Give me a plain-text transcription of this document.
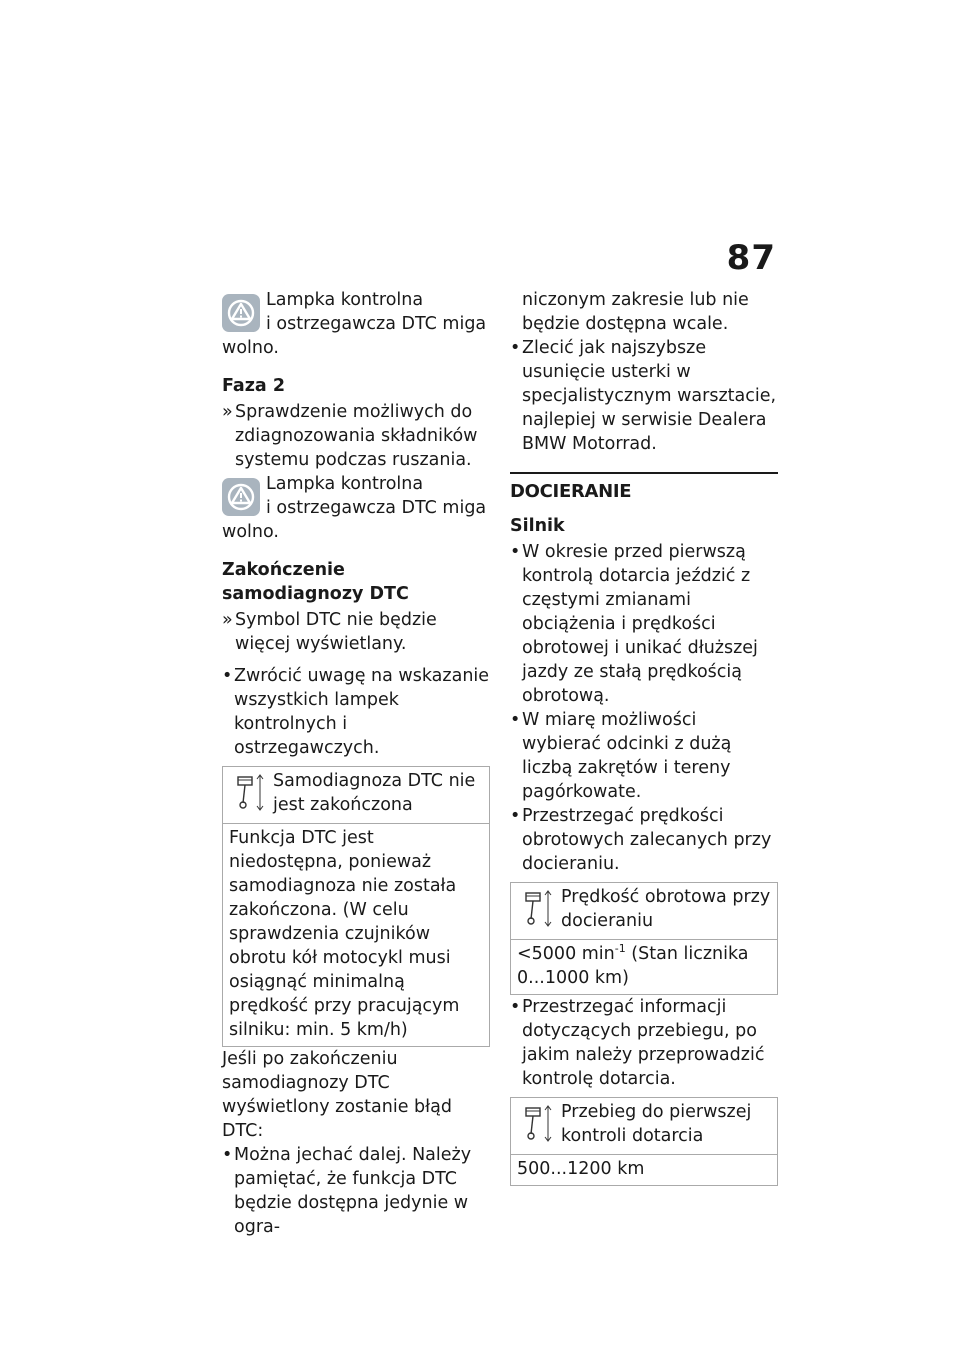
87
Lampka kontrolna
i ostrzegawcza DTC miga
wolno.

Faza 2

» Sprawdzenie możliwych do zdiagnozowania składników systemu podczas ruszania.

Lampka kontrolna
i ostrzegawcza DTC miga
wolno.

Zakończenie samodiagnozy DTC

» Symbol DTC nie będzie więcej wyświetlany.

• Zwrócić uwagę na wskazanie wszystkich lampek kontrolnych i ostrzegawczych.

Samodiagnoza DTC nie jest zakończona
Funkcja DTC jest niedostępna, ponieważ samodiagnoza nie została zakończona. (W celu sprawdzenia czujników obrotu kół motocykl musi osiągnąć minimalną prędkość przy pracującym silniku: min. 5 km/h)

Jeśli po zakończeniu samodiagnozy DTC wyświetlony zostanie błąd DTC:

• Można jechać dalej. Należy pamiętać, że funkcja DTC będzie dostępna jedynie w ogra-

niczonym zakresie lub nie będzie dostępna wcale.

• Zlecić jak najszybsze usunięcie usterki w specjalistycznym warsztacie, najlepiej w serwisie Dealera BMW Motorrad.

DOCIERANIE

Silnik

• W okresie przed pierwszą kontrolą dotarcia jeździć z częstymi zmianami obciążenia i prędkości obrotowej i unikać dłuższej jazdy ze stałą prędkością obrotową.

• W miarę możliwości wybierać odcinki z dużą liczbą zakrętów i tereny pagórkowate.

• Przestrzegać prędkości obrotowych zalecanych przy docieraniu.

Prędkość obrotowa przy docieraniu
<5000 $\min^{-1} (Stan$ licznika 0...1000 km)

• Przestrzegać informacji dotyczących przebiegu, po jakim należy przeprowadzić kontrolę dotarcia.

Przebieg do pierwszej kontroli dotarcia
500...1200 km
